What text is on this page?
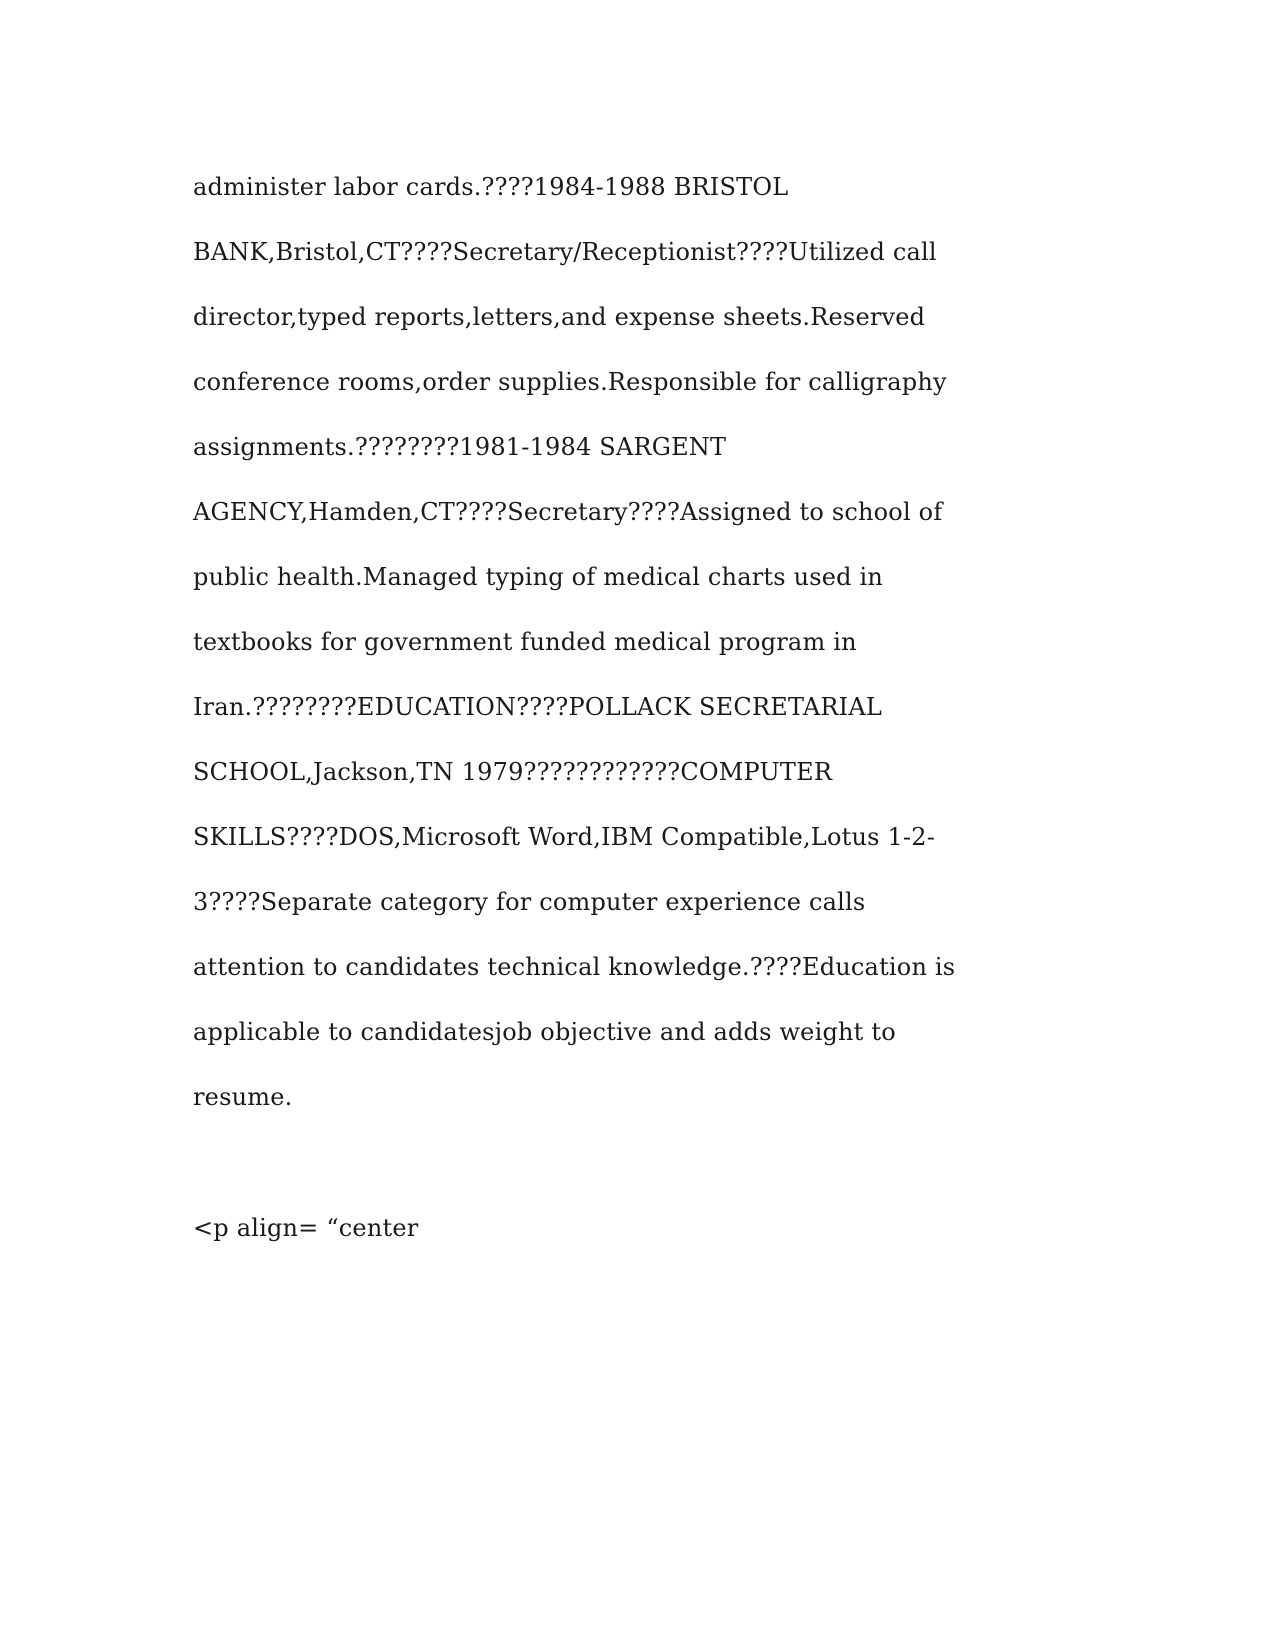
administer labor cards.????1984-1988 BRISTOL
BANK,Bristol,CT????Secretary/Receptionist????Utilized call
director,typed reports,letters,and expense sheets.Reserved
conference rooms,order supplies.Responsible for calligraphy
assignments.????????1981-1984 SARGENT
AGENCY,Hamden,CT????Secretary????Assigned to school of
public health.Managed typing of medical charts used in
textbooks for government funded medical program in
Iran.????????EDUCATION????POLLACK SECRETARIAL
SCHOOL,Jackson,TN 1979????????????COMPUTER
SKILLS????DOS,Microsoft Word,IBM Compatible,Lotus 1-2-
3????Separate category for computer experience calls
attention to candidates technical knowledge.????Education is
applicable to candidatesjob objective and adds weight to
resume.
<p align= “center
